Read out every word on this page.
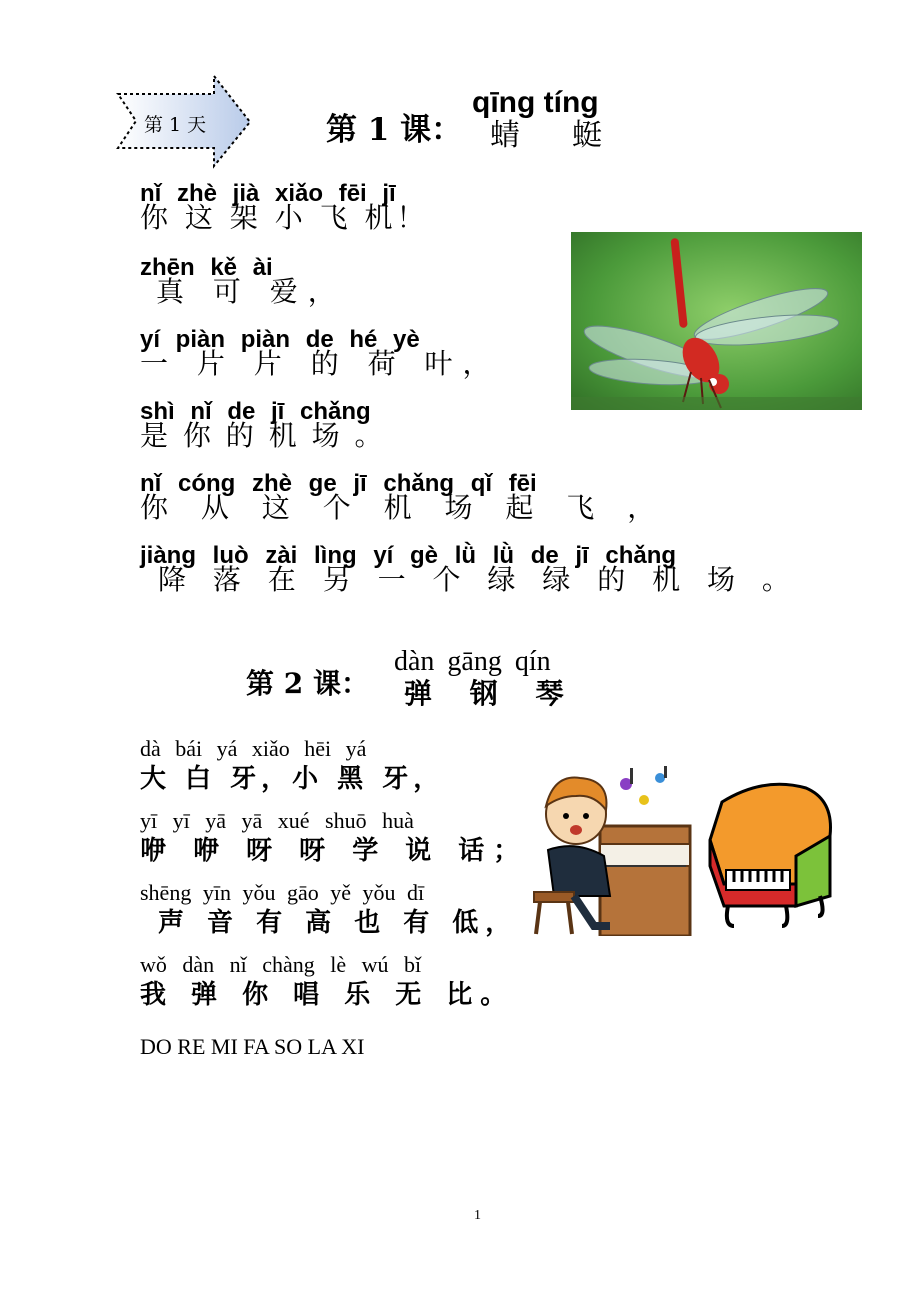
第 1 天	第 1 课：
qīng tíng
蜻 蜓
nǐ zhè jià xiǎo fēi jī
你 这 架 小 飞 机！
zhēn kě ài
真 可 爱，
yí piàn piàn de hé yè
一 片 片 的 荷 叶，
shì nǐ de jī chǎng
是 你 的 机 场 。
nǐ cóng zhè ge jī chǎng qǐ fēi
你 从 这 个 机 场 起 飞 ，
jiàng luò zài lìng yí gè lǜ lǜ de jī chǎng
降 落 在 另 一 个 绿 绿 的 机 场 。
第 2 课：
dàn gāng qín
弹 钢 琴
dà bái yá xiǎo hēi yá
大 白 牙，小 黑 牙，
yī yī yā yā xué shuō huà
咿 咿 呀 呀 学 说 话；
shēng yīn yǒu gāo yě yǒu dī
声 音 有 高 也 有 低，
wǒ dàn nǐ chàng lè wú bǐ
我 弹 你 唱 乐 无 比。
DO RE MI FA SO LA XI
1
